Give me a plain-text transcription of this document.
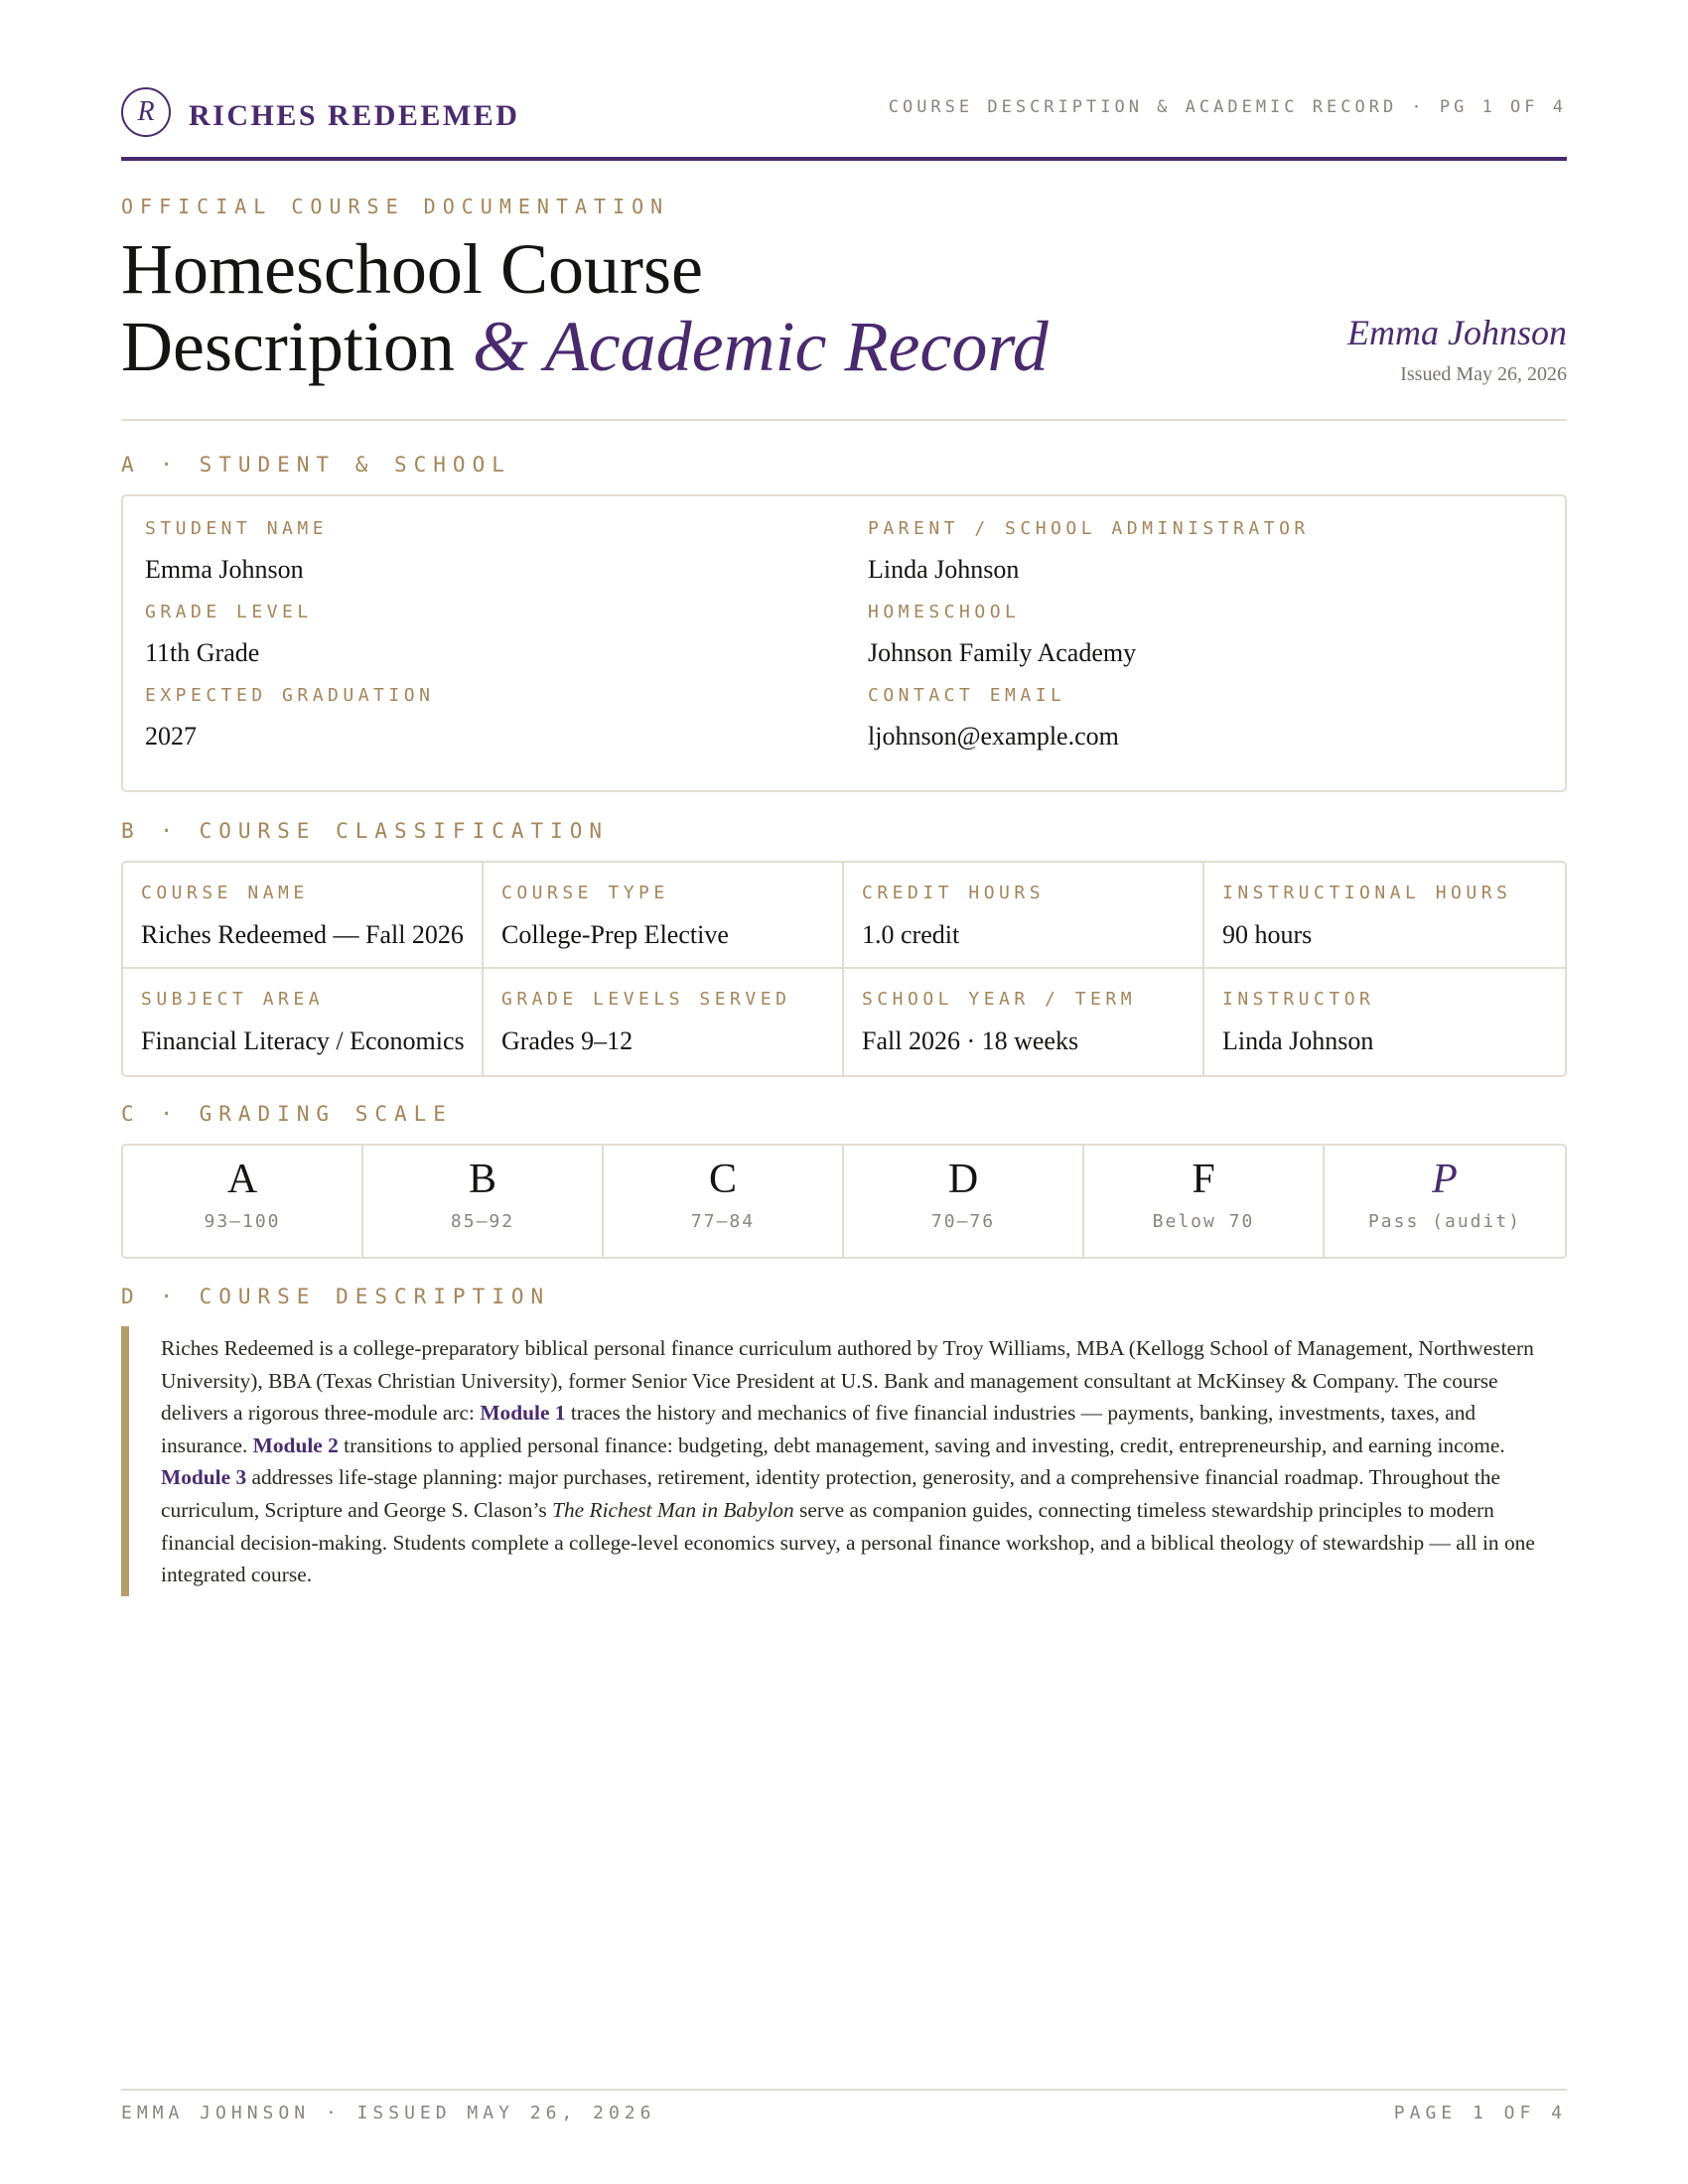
R	RICHES REDEEMED	COURSE DESCRIPTION & ACADEMIC RECORD · PG 1 OF 4
OFFICIAL COURSE DOCUMENTATION
Homeschool Course
Description & Academic Record	Emma Johnson
Issued May 26, 2026
A · STUDENT & SCHOOL
STUDENT NAME
Emma Johnson
PARENT / SCHOOL ADMINISTRATOR
Linda Johnson
GRADE LEVEL
11th Grade
HOMESCHOOL
Johnson Family Academy
EXPECTED GRADUATION
2027
CONTACT EMAIL
ljohnson@example.com
B · COURSE CLASSIFICATION
COURSE NAME
Riches Redeemed — Fall 2026
COURSE TYPE
College-Prep Elective
CREDIT HOURS
1.0 credit
INSTRUCTIONAL HOURS
90 hours
SUBJECT AREA
Financial Literacy / Economics
GRADE LEVELS SERVED
Grades 9–12
SCHOOL YEAR / TERM
Fall 2026 · 18 weeks
INSTRUCTOR
Linda Johnson
C · GRADING SCALE
A
93–100
B
85–92
C
77–84
D
70–76
F
Below 70
P
Pass (audit)
D · COURSE DESCRIPTION

Riches Redeemed is a college-preparatory biblical personal finance curriculum authored by Troy Williams, MBA (Kellogg School of Management, Northwestern University), BBA (Texas Christian University), former Senior Vice President at U.S. Bank and management consultant at McKinsey & Company. The course delivers a rigorous three-module arc: Module 1 traces the history and mechanics of five financial industries — payments, banking, investments, taxes, and insurance. Module 2 transitions to applied personal finance: budgeting, debt management, saving and investing, credit, entrepreneurship, and earning income. Module 3 addresses life-stage planning: major purchases, retirement, identity protection, generosity, and a comprehensive financial roadmap. Throughout the curriculum, Scripture and George S. Clason’s The Richest Man in Babylon serve as companion guides, connecting timeless stewardship principles to modern financial decision-making. Students complete a college-level economics survey, a personal finance workshop, and a biblical theology of stewardship — all in one integrated course.

EMMA JOHNSON · ISSUED MAY 26, 2026	PAGE 1 OF 4
